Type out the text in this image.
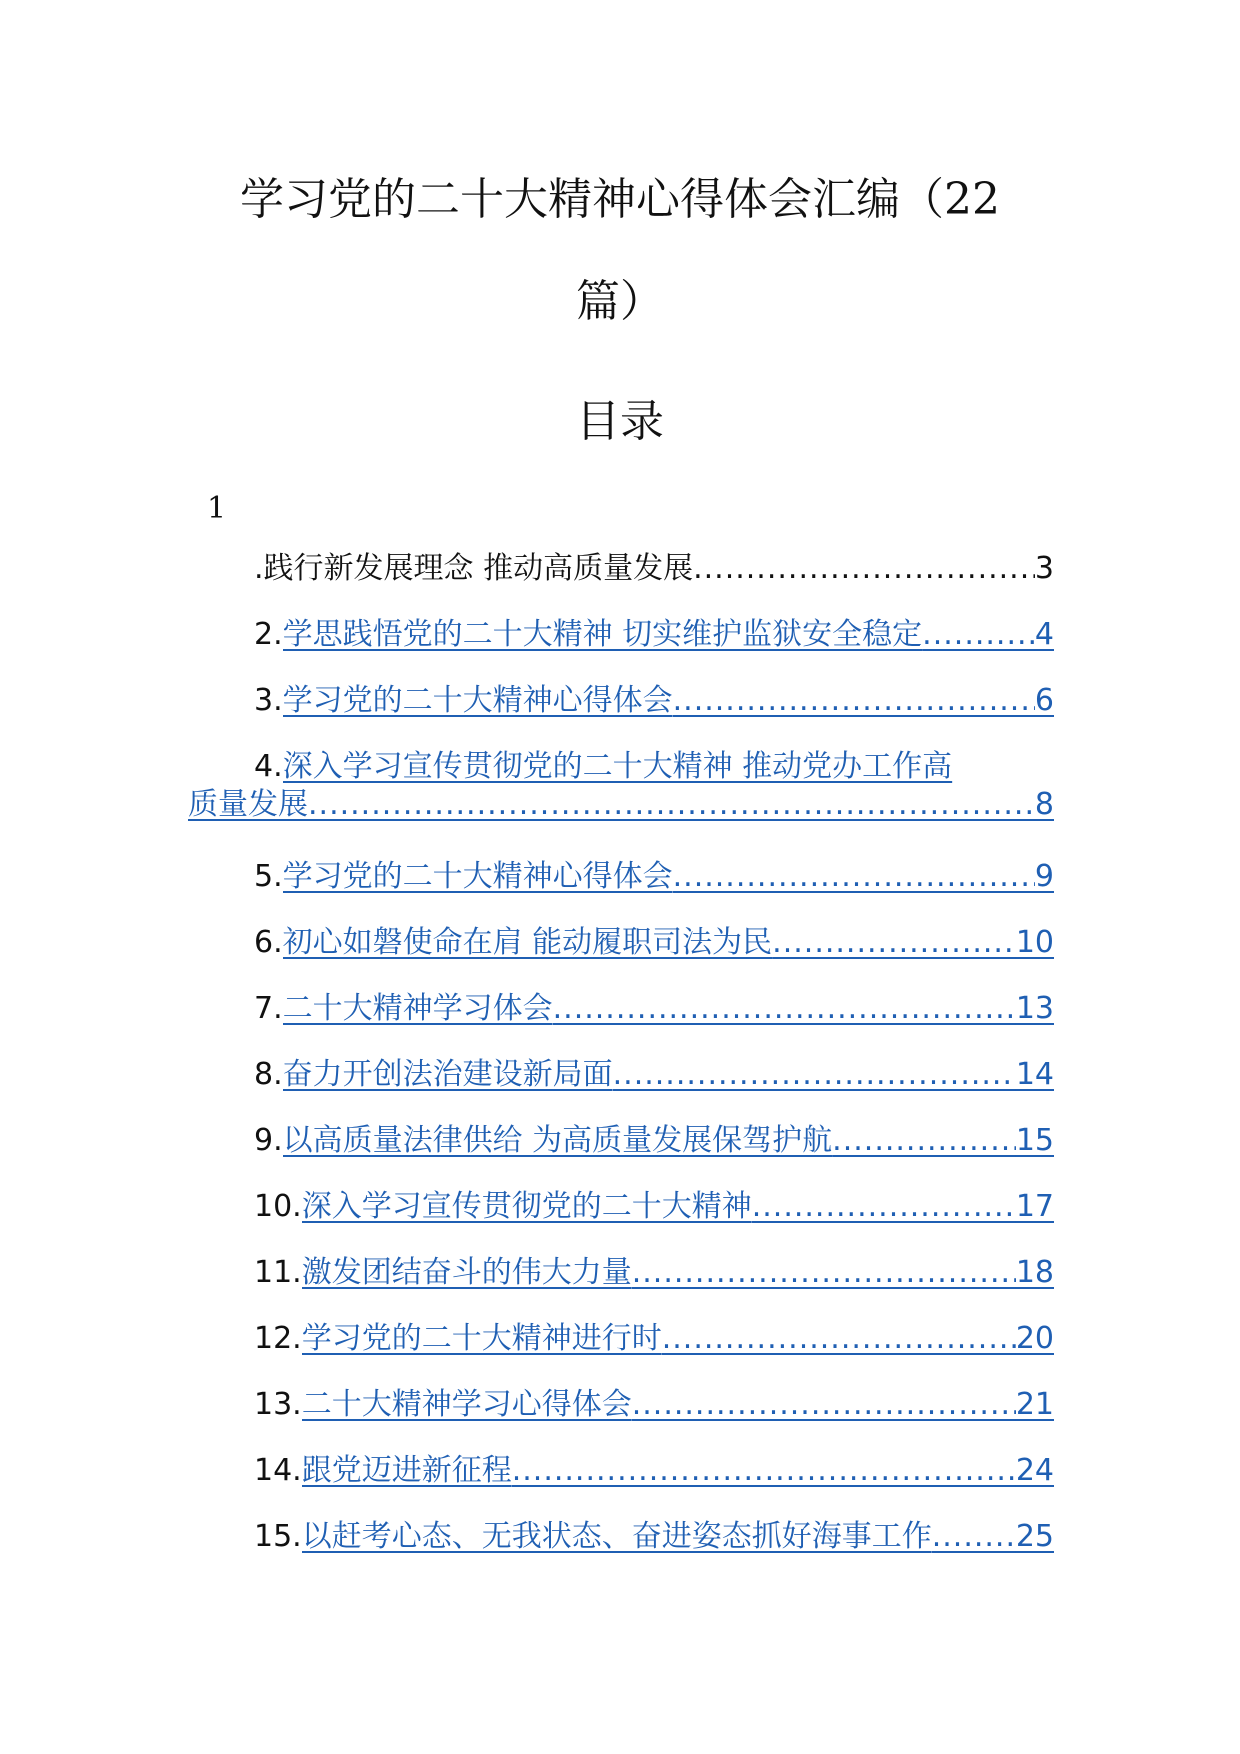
学习党的二十大精神心得体会汇编（22
篇）
目录
1
. 践行新发展理念 推动高质量发展 .....	3
2. 学思践悟党的二十大精神 切实维护监狱安全稳定 .....	4
3. 学习党的二十大精神心得体会 .....	6
4. 深入学习宣传贯彻党的二十大精神 推动党办工作高
质量发展 .....	8
5. 学习党的二十大精神心得体会 .....	9
6. 初心如磐使命在肩 能动履职司法为民 .....	10
7. 二十大精神学习体会 .....	13
8. 奋力开创法治建设新局面 .....	14
9. 以高质量法律供给 为高质量发展保驾护航 .....	15
10. 深入学习宣传贯彻党的二十大精神 .....	17
11. 激发团结奋斗的伟大力量 .....	18
12. 学习党的二十大精神进行时 .....	20
13. 二十大精神学习心得体会 .....	21
14. 跟党迈进新征程 .....	24
15. 以赶考心态、无我状态、奋进姿态抓好海事工作 .....	25
